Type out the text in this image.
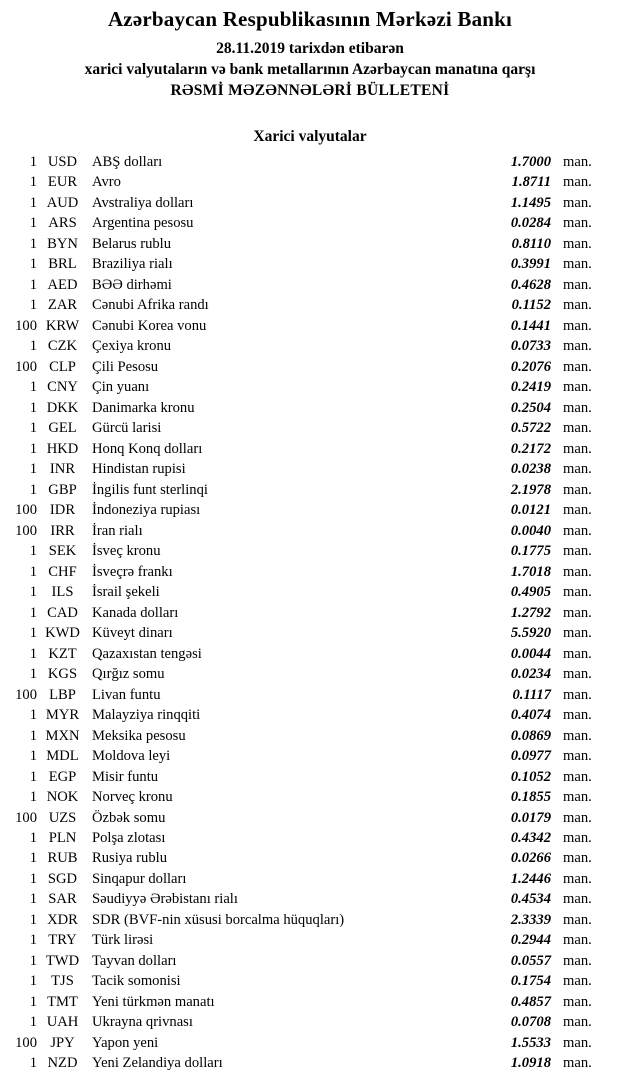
Azərbaycan Respublikasının Mərkəzi Bankı
28.11.2019 tarixdən etibarən
xarici valyutaların və bank metallarının Azərbaycan manatına qarşı
RƏSMİ MƏZƏNNƏLƏRİ BÜLLETENİ
Xarici valyutalar
1 USD	ABŞ dolları	1.7000 man.
1 EUR	Avro	1.8711 man.
1 AUD Avstraliya dolları	1.1495 man.
1 ARS	Argentina pesosu	0.0284 man.
1 BYN Belarus rublu	0.8110 man.
1 BRL	Braziliya rialı	0.3991 man.
1 AED BƏƏ dirhəmi	0.4628 man.
1 ZAR	Cənubi Afrika randı	0.1152 man.
100 KRW Cənubi Korea vonu	0.1441 man.
1 CZK	Çexiya kronu	0.0733 man.
100 CLP	Çili Pesosu	0.2076 man.
1 CNY Çin yuanı	0.2419 man.
1 DKK Danimarka kronu	0.2504 man.
1 GEL	Gürcü larisi	0.5722 man.
1 HKD Honq Konq dolları	0.2172 man.
1 INR	Hindistan rupisi	0.0238 man.
1 GBP	İngilis funt sterlinqi	2.1978 man.
100 IDR	İndoneziya rupiası	0.0121 man.
100 IRR	İran rialı	0.0040 man.
1 SEK	İsveç kronu	0.1775 man.
1 CHF	İsveçrə frankı	1.7018 man.
1 ILS	İsrail şekeli	0.4905 man.
1 CAD Kanada dolları	1.2792 man.
1 KWD Küveyt dinarı	5.5920 man.
1 KZT	Qazaxıstan tengəsi	0.0044 man.
1 KGS	Qırğız somu	0.0234 man.
100 LBP	Livan funtu	0.1117 man.
1 MYR Malayziya rinqqiti	0.4074 man.
1 MXN Meksika pesosu	0.0869 man.
1 MDL Moldova leyi	0.0977 man.
1 EGP	Misir funtu	0.1052 man.
1 NOK Norveç kronu	0.1855 man.
100 UZS	Özbək somu	0.0179 man.
1 PLN	Polşa zlotası	0.4342 man.
1 RUB Rusiya rublu	0.0266 man.
1 SGD	Sinqapur dolları	1.2446 man.
1 SAR	Səudiyyə Ərəbistanı rialı	0.4534 man.
1 XDR SDR (BVF-nin xüsusi borcalma hüquqları)	2.3339 man.
1 TRY	Türk lirəsi	0.2944 man.
1 TWD Tayvan dolları	0.0557 man.
1 TJS	Tacik somonisi	0.1754 man.
1 TMT Yeni türkmən manatı	0.4857 man.
1 UAH Ukrayna qrivnası	0.0708 man.
100 JPY	Yapon yeni	1.5533 man.
1 NZD Yeni Zelandiya dolları	1.0918 man.
